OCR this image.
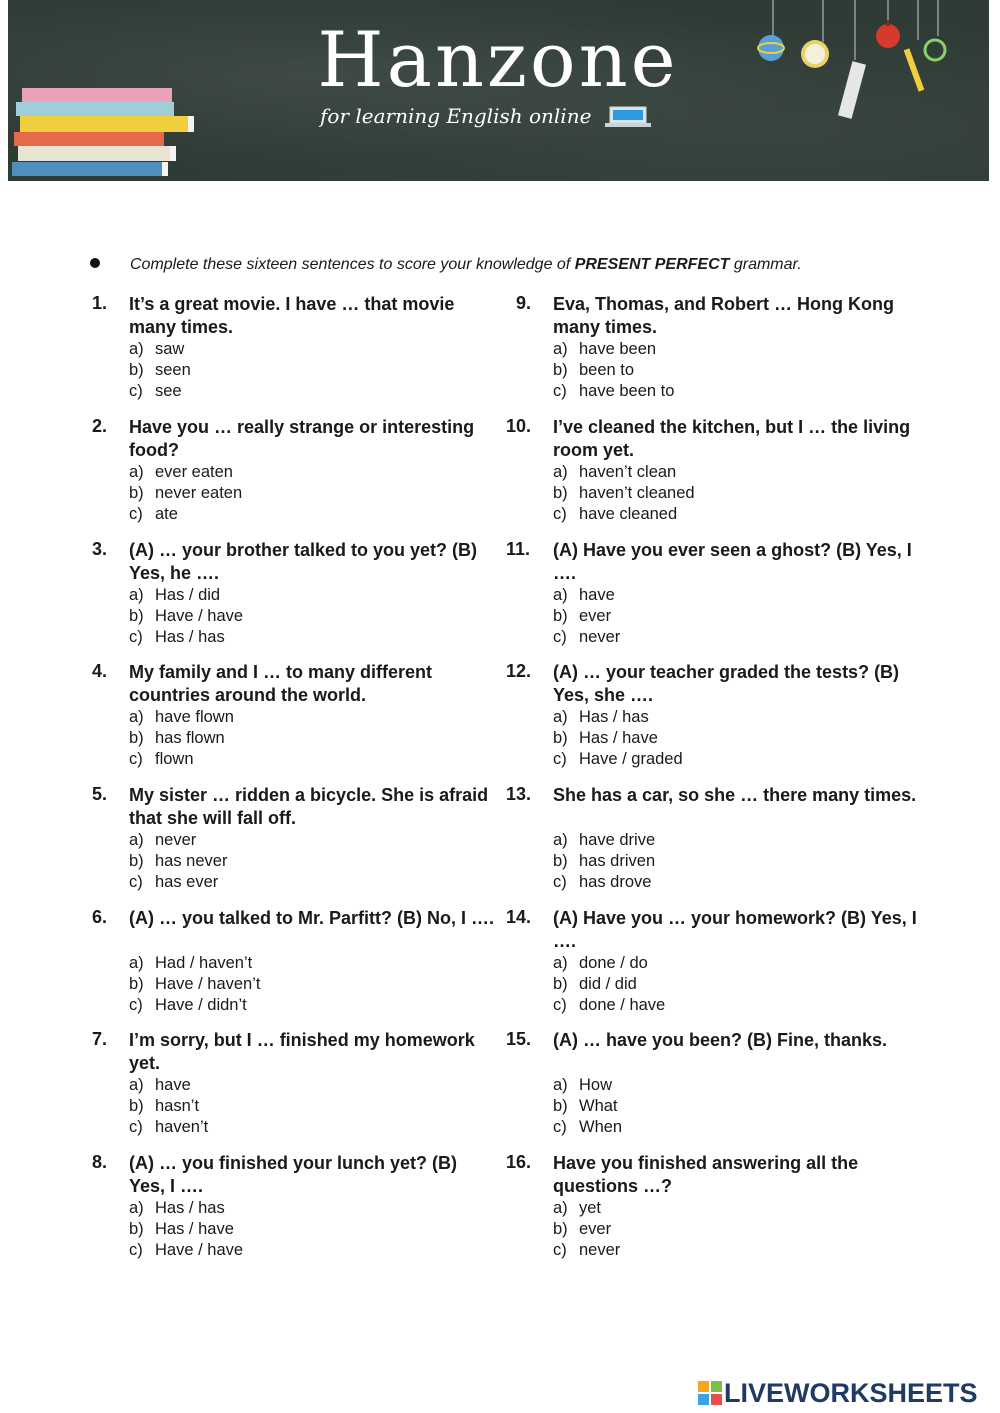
Hanzone
for learning English online
Complete these sixteen sentences to score your knowledge of PRESENT PERFECT grammar.
1. It’s a great movie. I have … that movie many times.
a) saw
b) seen
c) see
2. Have you … really strange or interesting food?
a) ever eaten
b) never eaten
c) ate
3. (A) … your brother talked to you yet? (B) Yes, he ….
a) Has / did
b) Have / have
c) Has / has
4. My family and I … to many different countries around the world.
a) have flown
b) has flown
c) flown
5. My sister … ridden a bicycle. She is afraid that she will fall off.
a) never
b) has never
c) has ever
6. (A) … you talked to Mr. Parfitt? (B) No, I ….
a) Had / haven’t
b) Have / haven’t
c) Have / didn’t
7. I’m sorry, but I … finished my homework yet.
a) have
b) hasn’t
c) haven’t
8. (A) … you finished your lunch yet? (B) Yes, I ….
a) Has / has
b) Has / have
c) Have / have
9. Eva, Thomas, and Robert … Hong Kong many times.
a) have been
b) been to
c) have been to
10. I’ve cleaned the kitchen, but I … the living room yet.
a) haven’t clean
b) haven’t cleaned
c) have cleaned
11. (A) Have you ever seen a ghost? (B) Yes, I ….
a) have
b) ever
c) never
12. (A) … your teacher graded the tests? (B) Yes, she ….
a) Has / has
b) Has / have
c) Have / graded
13. She has a car, so she … there many times.
a) have drive
b) has driven
c) has drove
14. (A) Have you … your homework? (B) Yes, I ….
a) done / do
b) did / did
c) done / have
15. (A) … have you been? (B) Fine, thanks.
a) How
b) What
c) When
16. Have you finished answering all the questions …?
a) yet
b) ever
c) never
LIVEWORKSHEETS
